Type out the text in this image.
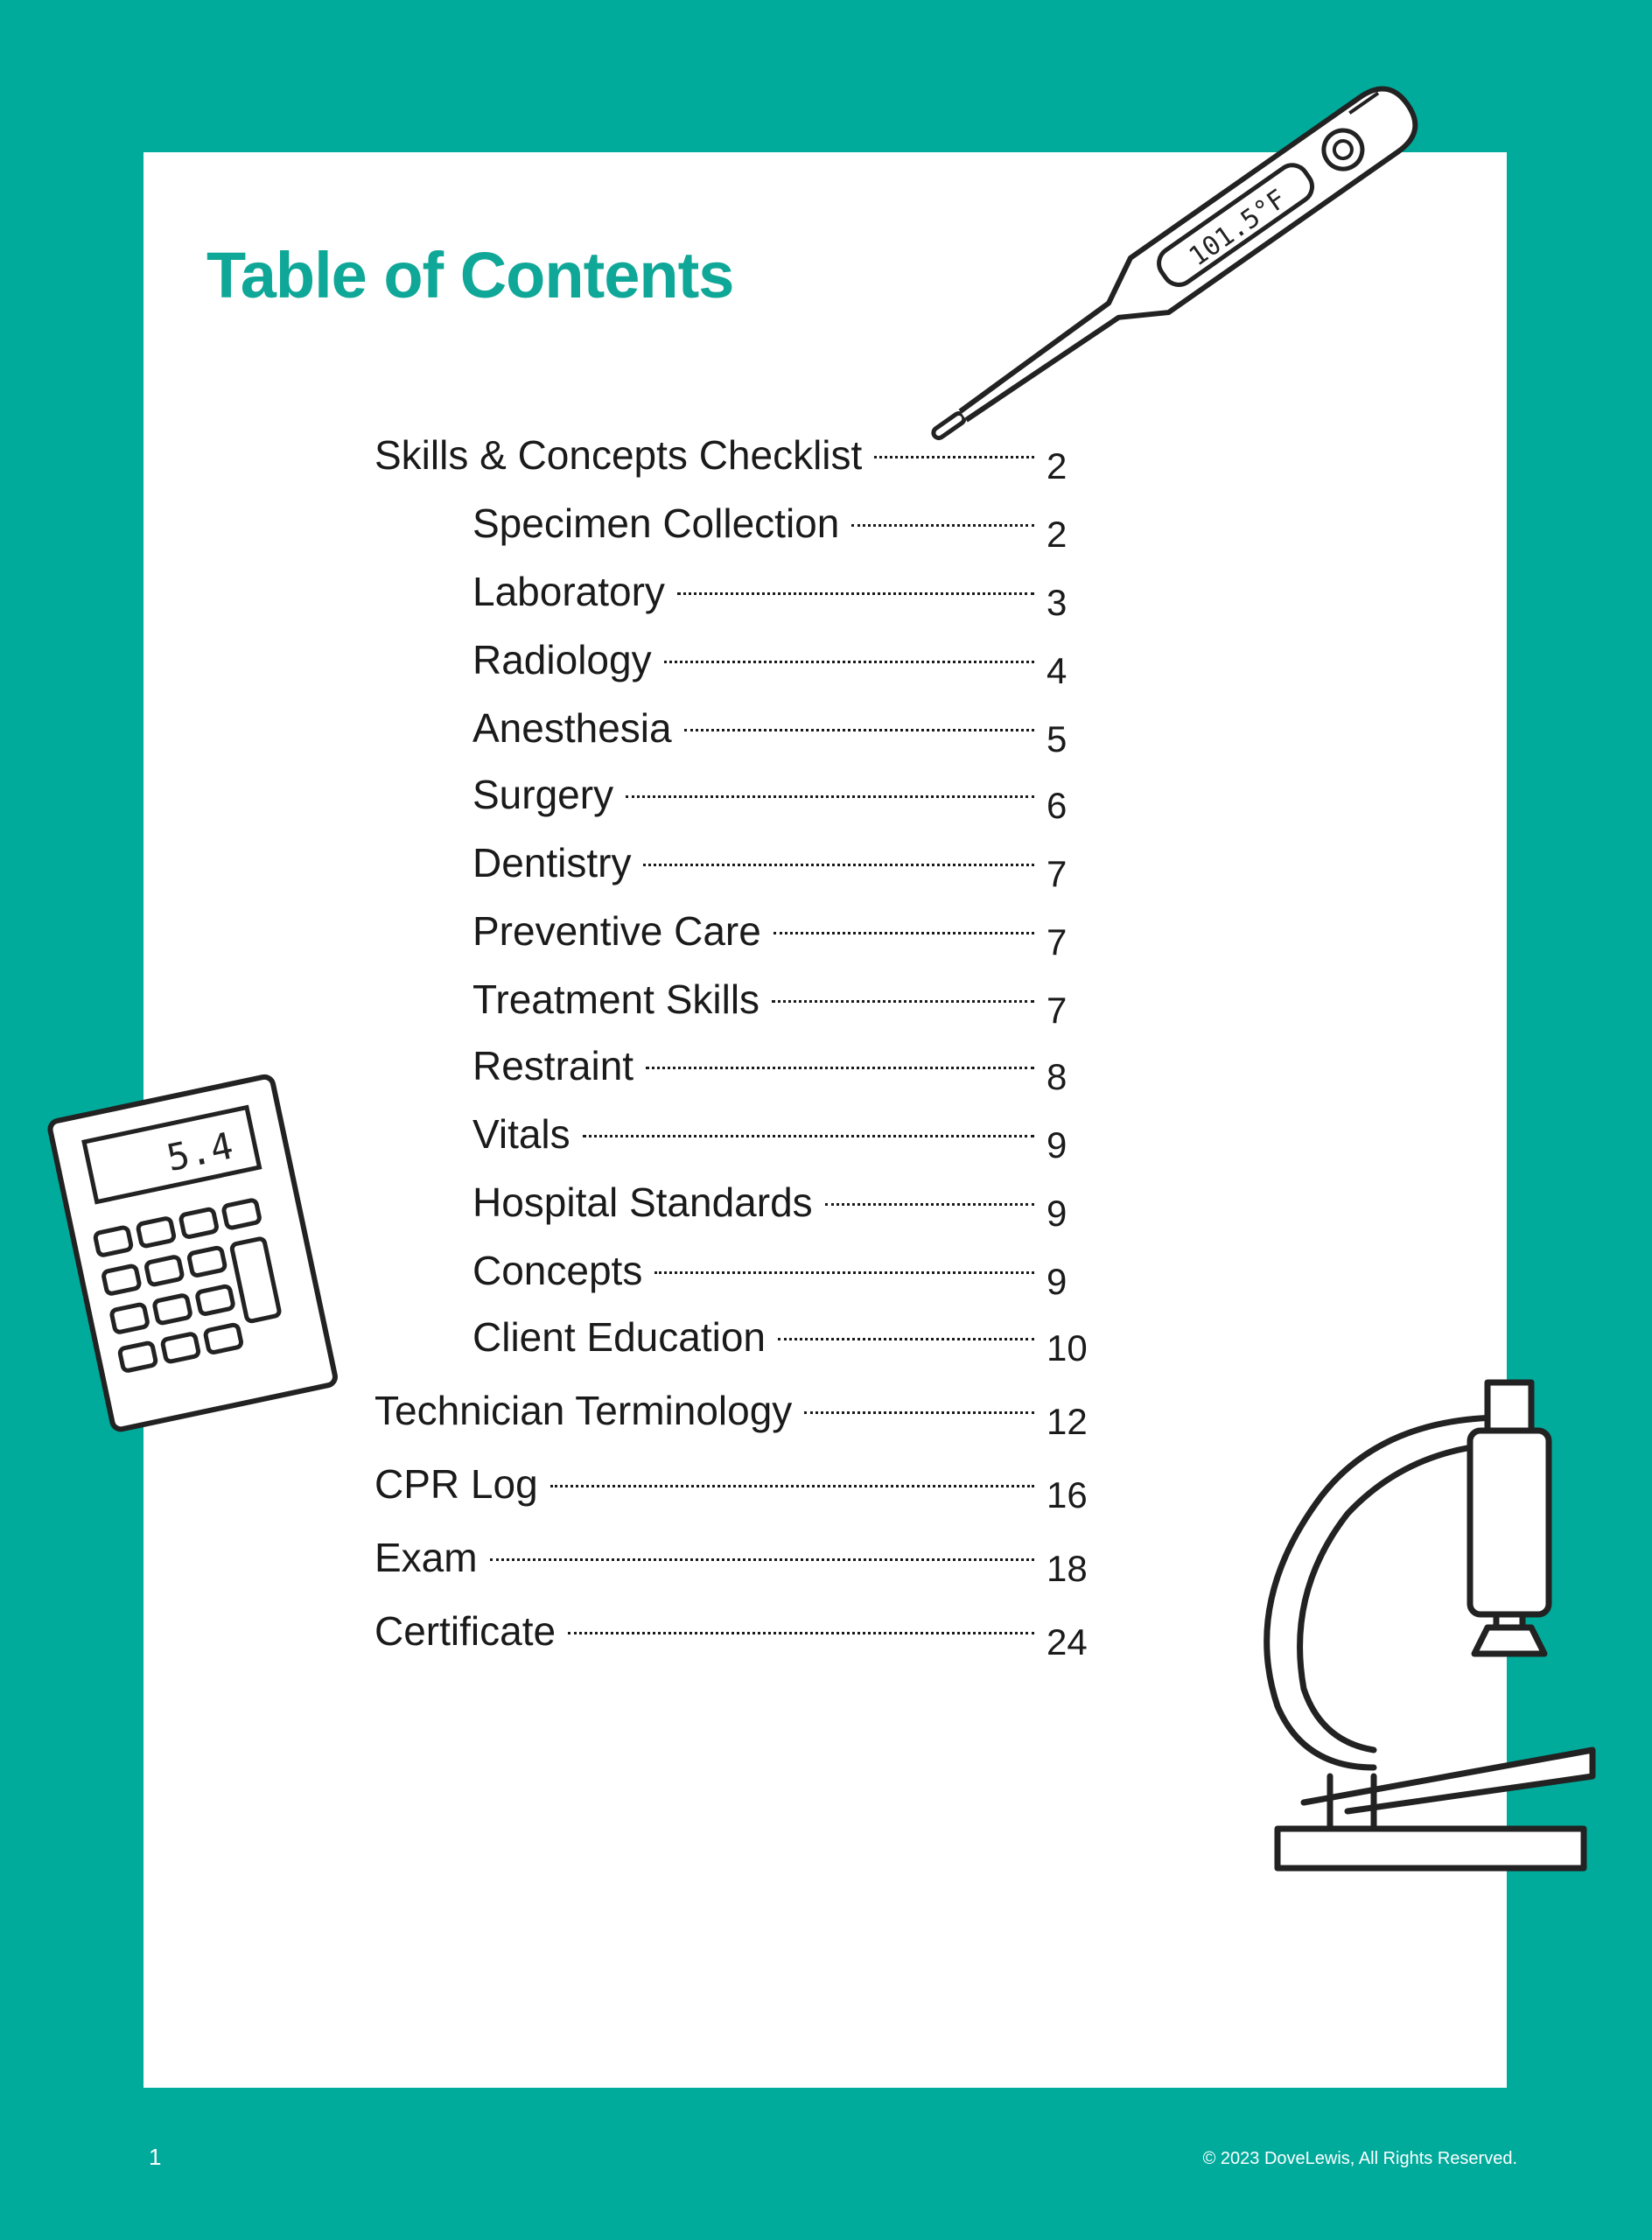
Table of Contents
101.5°F
5.4
Skills & Concepts Checklist	2
Specimen Collection	2
Laboratory	3
Radiology	4
Anesthesia	5
Surgery	6
Dentistry	7
Preventive Care	7
Treatment Skills	7
Restraint	8
Vitals	9
Hospital Standards	9
Concepts	9
Client Education	10
Technician Terminology	12
CPR Log	16
Exam	18
Certificate	24
1	© 2023 DoveLewis, All Rights Reserved.
